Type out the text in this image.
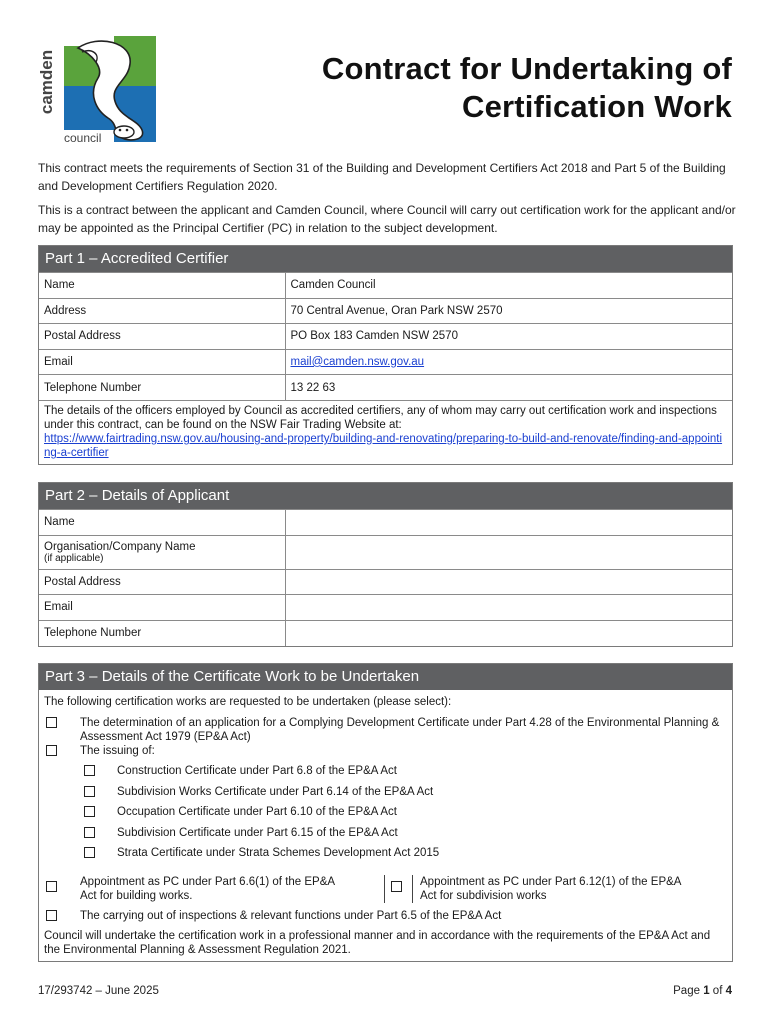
camden
council
Contract for Undertaking of
Certification Work

This contract meets the requirements of Section 31 of the Building and Development Certifiers Act 2018 and Part 5 of the Building and Development Certifiers Regulation 2020.

This is a contract between the applicant and Camden Council, where Council will carry out certification work for the applicant and/or may be appointed as the Principal Certifier (PC) in relation to the subject development.

Part 1 – Accredited Certifier
Name	Camden Council
Address	70 Central Avenue, Oran Park NSW 2570
Postal Address	PO Box 183 Camden NSW 2570
Email	mail@camden.nsw.gov.au
Telephone Number	13 22 63
The details of the officers employed by Council as accredited certifiers, any of whom may carry out certification work and inspections under this contract, can be found on the NSW Fair Trading Website at:
https://www.fairtrading.nsw.gov.au/housing-and-property/building-and-renovating/preparing-to-build-and-renovate/finding-and-appointing-a-certifier
Part 2 – Details of Applicant
Name	
Organisation/Company Name
(if applicable)	

Postal Address	
Email	
Telephone Number	
Part 3 – Details of the Certificate Work to be Undertaken
The following certification works are requested to be undertaken (please select):
The determination of an application for a Complying Development Certificate under Part 4.28 of the Environmental Planning & Assessment Act 1979 (EP&A Act)
The issuing of:
Construction Certificate under Part 6.8 of the EP&A Act
Subdivision Works Certificate under Part 6.14 of the EP&A Act
Occupation Certificate under Part 6.10 of the EP&A Act
Subdivision Certificate under Part 6.15 of the EP&A Act
Strata Certificate under Strata Schemes Development Act 2015
Appointment as PC under Part 6.6(1) of the EP&A Act for building works.
Appointment as PC under Part 6.12(1) of the EP&A Act for subdivision works
The carrying out of inspections & relevant functions under Part 6.5 of the EP&A Act
Council will undertake the certification work in a professional manner and in accordance with the requirements of the EP&A Act and the Environmental Planning & Assessment Regulation 2021.
17/293742 – June 2025	Page 1 of 4
